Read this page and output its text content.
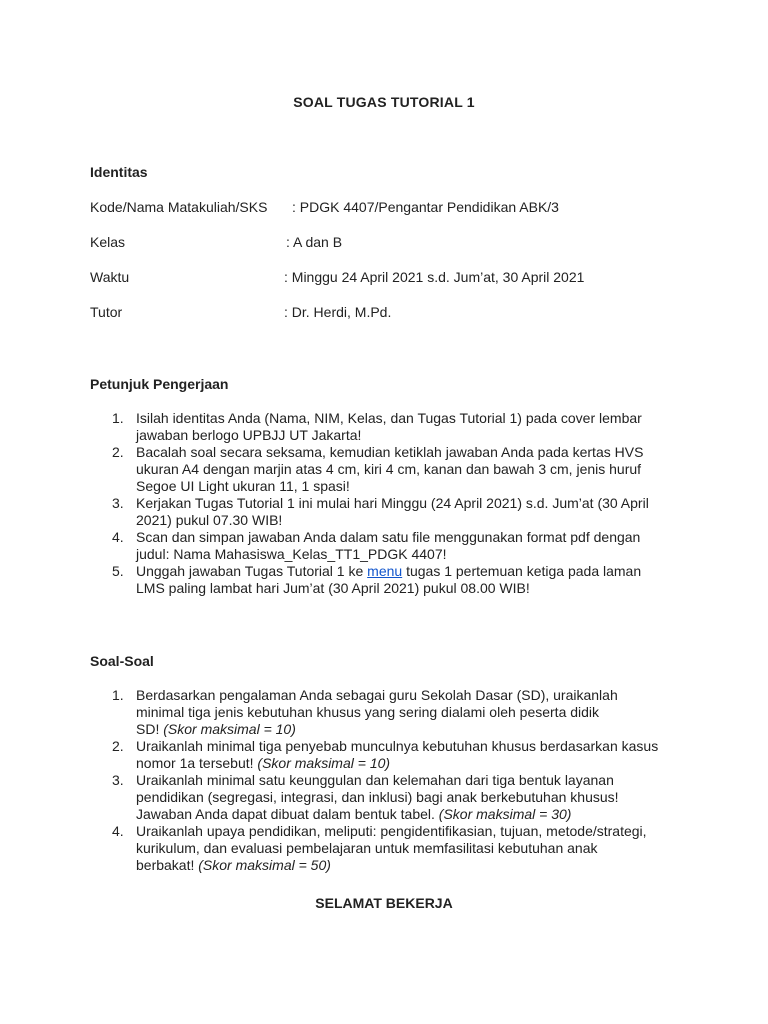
SOAL TUGAS TUTORIAL 1
Identitas
Kode/Nama Matakuliah/SKS : PDGK 4407/Pengantar Pendidikan ABK/3
Kelas	: A dan B
Waktu	: Minggu 24 April 2021 s.d. Jum’at, 30 April 2021
Tutor	: Dr. Herdi, M.Pd.
Petunjuk Pengerjaan
1. Isilah identitas Anda (Nama, NIM, Kelas, dan Tugas Tutorial 1) pada cover lembar
jawaban berlogo UPBJJ UT Jakarta!
2. Bacalah soal secara seksama, kemudian ketiklah jawaban Anda pada kertas HVS
ukuran A4 dengan marjin atas 4 cm, kiri 4 cm, kanan dan bawah 3 cm, jenis huruf
Segoe UI Light ukuran 11, 1 spasi!
3. Kerjakan Tugas Tutorial 1 ini mulai hari Minggu (24 April 2021) s.d. Jum’at (30 April
2021) pukul 07.30 WIB!
4. Scan dan simpan jawaban Anda dalam satu file menggunakan format pdf dengan
judul: Nama Mahasiswa_Kelas_TT1_PDGK 4407!
5. Unggah jawaban Tugas Tutorial 1 ke menu tugas 1 pertemuan ketiga pada laman
LMS paling lambat hari Jum’at (30 April 2021) pukul 08.00 WIB!
Soal-Soal
1. Berdasarkan pengalaman Anda sebagai guru Sekolah Dasar (SD), uraikanlah
minimal tiga jenis kebutuhan khusus yang sering dialami oleh peserta didik
SD! (Skor maksimal = 10)
2. Uraikanlah minimal tiga penyebab munculnya kebutuhan khusus berdasarkan kasus
nomor 1a tersebut! (Skor maksimal = 10)
3. Uraikanlah minimal satu keunggulan dan kelemahan dari tiga bentuk layanan
pendidikan (segregasi, integrasi, dan inklusi) bagi anak berkebutuhan khusus!
Jawaban Anda dapat dibuat dalam bentuk tabel. (Skor maksimal = 30)
4. Uraikanlah upaya pendidikan, meliputi: pengidentifikasian, tujuan, metode/strategi,
kurikulum, dan evaluasi pembelajaran untuk memfasilitasi kebutuhan anak
berbakat! (Skor maksimal = 50)
SELAMAT BEKERJA
